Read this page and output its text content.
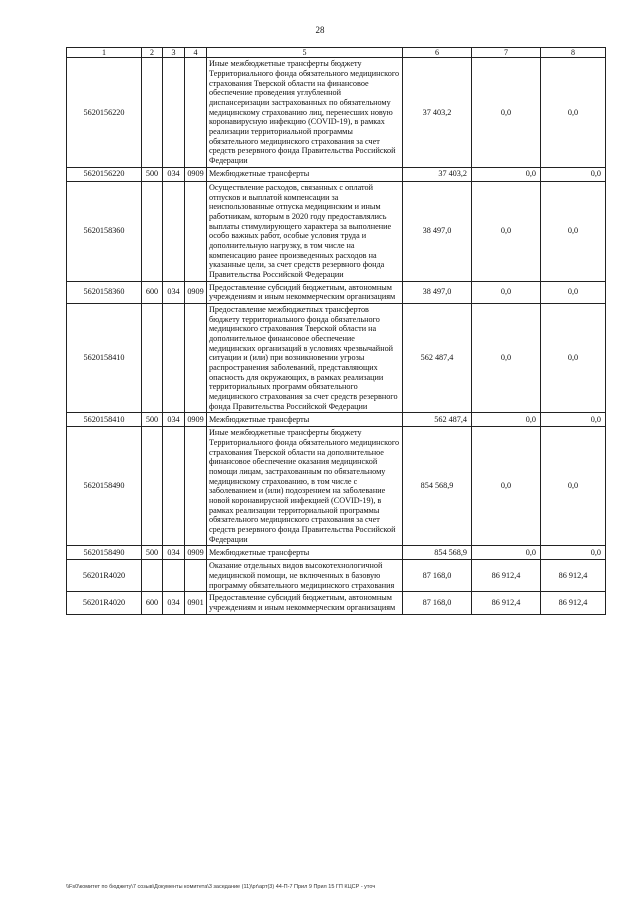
28
1	2	3	4	5	6	7	8
5620156220				Иные межбюджетные трансферты бюджету Территориального фонда обязательного медицинского страхования Тверской области на финансовое обеспечение проведения углубленной диспансеризации застрахованных по обязательному медицинскому страхованию лиц, перенесших новую коронавирусную инфекцию (COVID-19), в рамках реализации территориальной программы обязательного медицинского страхования за счет средств резервного фонда Правительства Российской Федерации	37 403,2	0,0	0,0
5620156220	500	034	0909	Межбюджетные трансферты	37 403,2	0,0	0,0
5620158360				Осуществление расходов, связанных с оплатой отпусков и выплатой компенсации за неиспользованные отпуска медицинским и иным работникам, которым в 2020 году предоставлялись выплаты стимулирующего характера за выполнение особо важных работ, особые условия труда и дополнительную нагрузку, в том числе на компенсацию ранее произведенных расходов на указанные цели, за счет средств резервного фонда Правительства Российской Федерации	38 497,0	0,0	0,0
5620158360	600	034	0909	Предоставление субсидий бюджетным, автономным учреждениям и иным некоммерческим организациям	38 497,0	0,0	0,0
5620158410				Предоставление межбюджетных трансфертов бюджету территориального фонда обязательного медицинского страхования Тверской области на дополнительное финансовое обеспечение медицинских организаций в условиях чрезвычайной ситуации и (или) при возникновении угрозы распространения заболеваний, представляющих опасность для окружающих, в рамках реализации территориальных программ обязательного медицинского страхования за счет средств резервного фонда Правительства Российской Федерации	562 487,4	0,0	0,0
5620158410	500	034	0909	Межбюджетные трансферты	562 487,4	0,0	0,0
5620158490				Иные межбюджетные трансферты бюджету Территориального фонда обязательного медицинского страхования Тверской области на дополнительное финансовое обеспечение оказания медицинской помощи лицам, застрахованным по обязательному медицинскому страхованию, в том числе с заболеванием и (или) подозрением на заболевание новой коронавирусной инфекцией (COVID-19), в рамках реализации территориальной программы обязательного медицинского страхования за счет средств резервного фонда Правительства Российской Федерации	854 568,9	0,0	0,0
5620158490	500	034	0909	Межбюджетные трансферты	854 568,9	0,0	0,0
56201R4020				Оказание отдельных видов высокотехнологичной медицинской помощи, не включенных в базовую программу обязательного медицинского страхования	87 168,0	86 912,4	86 912,4
56201R4020	600	034	0901	Предоставление субсидий бюджетным, автономным учреждениям и иным некоммерческим организациям	87 168,0	86 912,4	86 912,4
\\Fs0\комитет по бюджету\7 созыв\Документы комитета\3 заседание (11)\pr\арт(3) 44-П-7 Прил 9 Прил 15 ГП КЦСР - уточ
